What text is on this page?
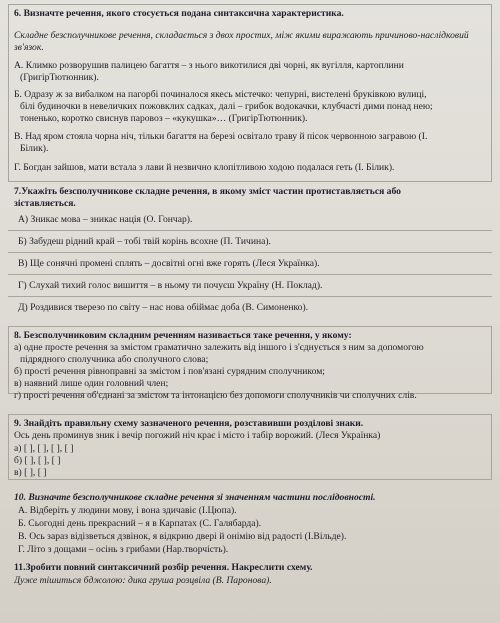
6. Визначте речення, якого стосується подана синтаксична характеристика.
Складне безсполучникове речення, складається з двох простих, між якими виражають причиново-наслідковий
зв'язок.
А. Климко розворушив палицею багаття – з нього викотилися дві чорні, як вугілля, картоплини
(ГригірТютюнник).
Б. Одразу ж за вибалком на пагорбі починалося якесь містечко: чепурні, вистелені бруківкою вулиці,
білі будиночки в невеличких пожовклих садках, далі – грибок водокачки, клубчасті дими понад нею;
тоненько, коротко свиснув паровоз – «кукушка»… (ГригірТютюнник).
В. Над яром стояла чорна ніч, тільки багаття на березі освітало траву й пісок червонною загравою (І.
Білик).
Г. Богдан зайшов, мати встала з лави й незвично клопітливою ходою подалася геть (І. Білик).
7.Укажіть безсполучникове складне речення, в якому зміст частин протиставляється або
зіставляється.
А) Зникає мова – зникає нація (О. Гончар).
Б) Забудеш рідний край – тобі твій корінь всохне (П. Тичина).
В) Ще сонячні промені сплять – досвітні огні вже горять (Леся Українка).
Г) Слухай тихий голос вишиття – в ньому ти почуєш Україну (Н. Поклад).
Д) Роздивися тверезо по світу – нас нова обіймає доба (В. Симоненко).
8. Безсполучниковим складним реченням називається таке речення, у якому:
а) одне просте речення за змістом граматично залежить від іншого і з'єднується з ним за допомогою
підрядного сполучника або сполучного слова;
б) прості речення рівноправні за змістом і пов'язані сурядним сполучником;
в) наявний лише один головний член;
г) прості речення об'єднані за змістом та інтонацією без допомоги сполучників чи сполучних слів.
9. Знайдіть правильну схему зазначеного речення, розставивши розділові знаки.
Ось день проминув зник і вечір погожий ніч крає і місто і табір ворожий. (Леся Українка)
а) [ ], [ ], [ ], [ ]
б) [ ], [ ], [ ]
в) [ ], [ ]
10. Визначте безсполучникове складне речення зі значенням частини послідовності.
А. Відберіть у людини мову, і вона здичавіє (І.Цюпа).
Б. Сьогодні день прекрасний – я в Карпатах (С. Галябарда).
В. Ось зараз відізветься дзвінок, я відкрию двері й онімію від радості (І.Вільде).
Г. Літо з дощами – осінь з грибами (Нар.творчість).
11.Зробити повний синтаксичний розбір речення. Накреслити схему.
Дуже тішиться бджолою: дика груша розцвіла (В. Паронова).
